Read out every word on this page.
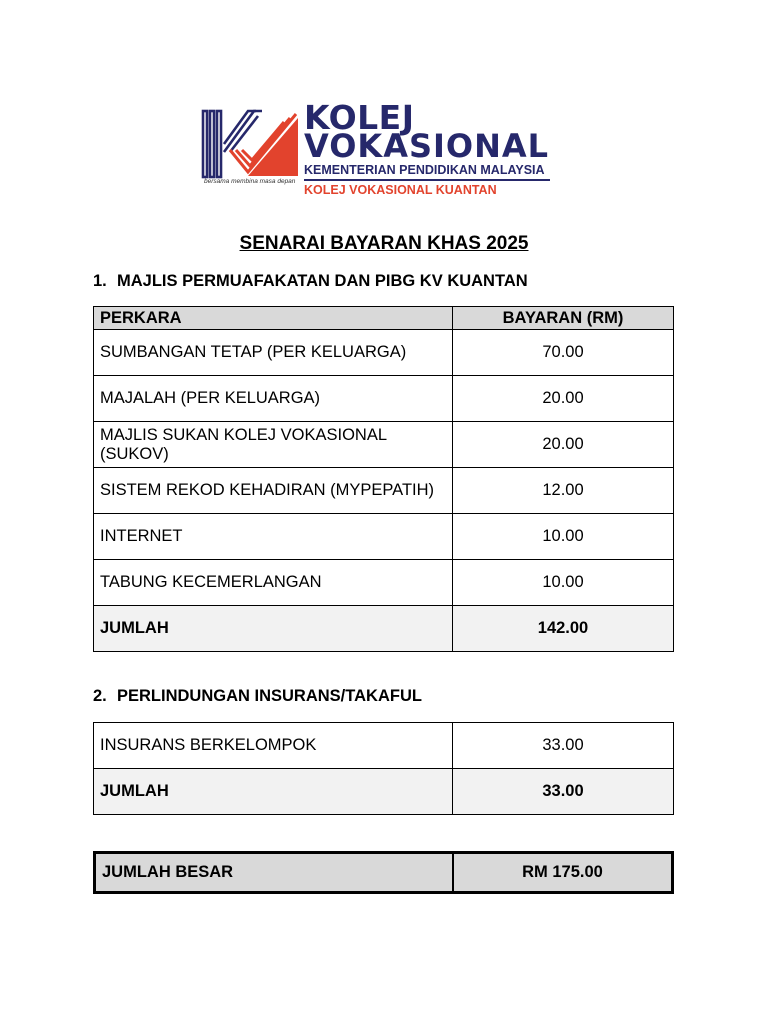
bersama membina masa depan
KOLEJ
VOKASIONAL
KEMENTERIAN PENDIDIKAN MALAYSIA
KOLEJ VOKASIONAL KUANTAN
SENARAI BAYARAN KHAS 2025
1. MAJLIS PERMUAFAKATAN DAN PIBG KV KUANTAN
PERKARA	BAYARAN (RM)
SUMBANGAN TETAP (PER KELUARGA)	70.00
MAJALAH (PER KELUARGA)	20.00
MAJLIS SUKAN KOLEJ VOKASIONAL (SUKOV)	20.00
SISTEM REKOD KEHADIRAN (MYPEPATIH)	12.00
INTERNET	10.00
TABUNG KECEMERLANGAN	10.00
JUMLAH	142.00
2. PERLINDUNGAN INSURANS/TAKAFUL
INSURANS BERKELOMPOK	33.00
JUMLAH	33.00
JUMLAH BESAR	RM 175.00
